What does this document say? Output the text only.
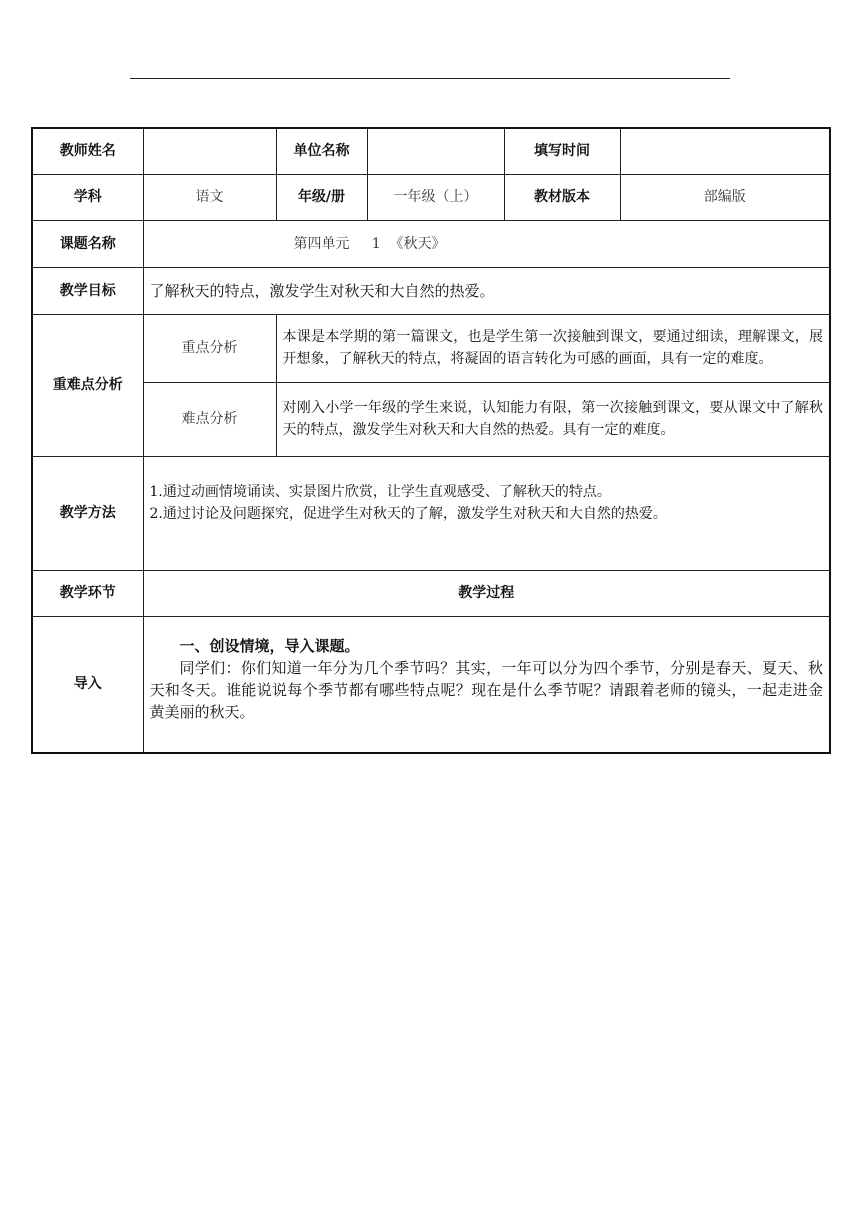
教师姓名		单位名称		填写时间	
学科	语文	年级/册	一年级（上）	教材版本	部编版
课题名称	第四单元     1  《秋天》				
教学目标	了解秋天的特点，激发学生对秋天和大自然的热爱。				
重难点分析	重点分析	本课是本学期的第一篇课文，也是学生第一次接触到课文，要通过细读，理解课文，展开想象，了解秋天的特点，将凝固的语言转化为可感的画面，具有一定的难度。			
	难点分析	对刚入小学一年级的学生来说，认知能力有限，第一次接触到课文，要从课文中了解秋天的特点，激发学生对秋天和大自然的热爱。具有一定的难度。			
教学方法	1.通过动画情境诵读、实景图片欣赏，让学生直观感受、了解秋天的特点。

2.通过讨论及问题探究，促进学生对秋天的了解，激发学生对秋天和大自然的热爱。				

教学环节	教学过程				
导入	一、创设情境，导入课题。

同学们：你们知道一年分为几个季节吗？其实，一年可以分为四个季节，分别是春天、夏天、秋天和冬天。谁能说说每个季节都有哪些特点呢？现在是什么季节呢？请跟着老师的镜头，一起走进金黄美丽的秋天。				
